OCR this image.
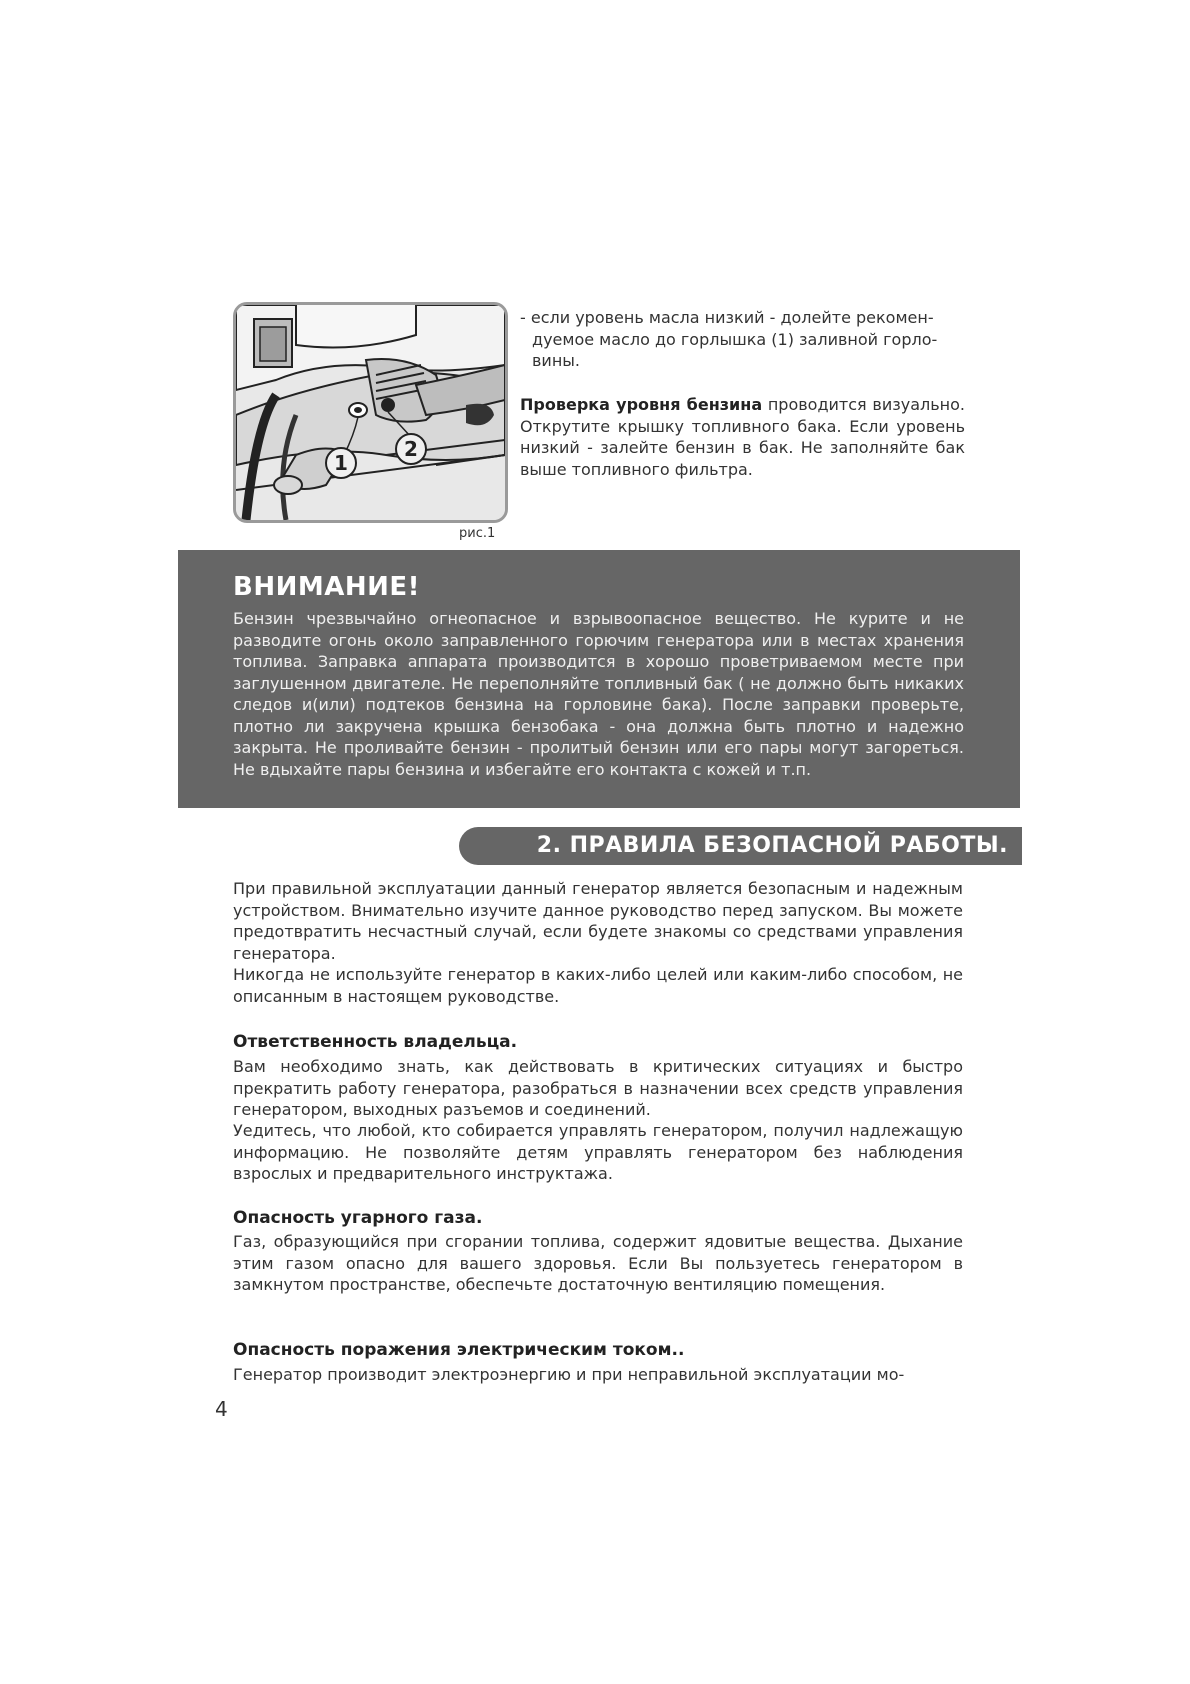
1
2
рис.1
- если уровень масла низкий - долейте рекомен-
дуемое масло до горлышка (1) заливной горло-
вины.
Проверка уровня бензина проводится визуально. Открутите крышку топливного бака. Если уровень низкий - залейте бензин в бак. Не заполняйте бак выше топливного фильтра.
ВНИМАНИЕ!
Бензин чрезвычайно огнеопасное и взрывоопасное вещество. Не курите и не разводите огонь около заправленного горючим генератора или в местах хранения топлива. Заправка аппарата производится в хорошо проветриваемом месте при заглушенном двигателе. Не переполняйте топливный бак ( не должно быть никаких следов и(или) подтеков бензина на горловине бака). После заправки проверьте, плотно ли закручена крышка бензобака - она должна быть плотно и надежно закрыта. Не проливайте бензин - пролитый бензин или его пары могут загореться. Не вдыхайте пары бензина и избегайте его контакта с кожей и т.п.
2. ПРАВИЛА БЕЗОПАСНОЙ РАБОТЫ.
При правильной эксплуатации данный генератор является безопасным и надежным устройством. Внимательно изучите данное руководство перед запуском. Вы можете предотвратить несчастный случай, если будете знакомы со средствами управления генератора.
Никогда не используйте генератор в каких-либо целей или каким-либо способом, не описанным в настоящем руководстве.
Ответственность владельца.
Вам необходимо знать, как действовать в критических ситуациях и быстро прекратить работу генератора, разобраться в назначении всех средств управления генератором, выходных разъемов и соединений.
Уедитесь, что любой, кто собирается управлять генератором, получил надлежащую информацию. Не позволяйте детям управлять генератором без наблюдения взрослых и предварительного инструктажа.
Опасность угарного газа.
Газ, образующийся при сгорании топлива, содержит ядовитые вещества. Дыхание этим газом опасно для вашего здоровья. Если Вы пользуетесь генератором в замкнутом пространстве, обеспечьте достаточную вентиляцию помещения.
Опасность поражения электрическим током..
Генератор производит электроэнергию и при неправильной эксплуатации мо-
4
